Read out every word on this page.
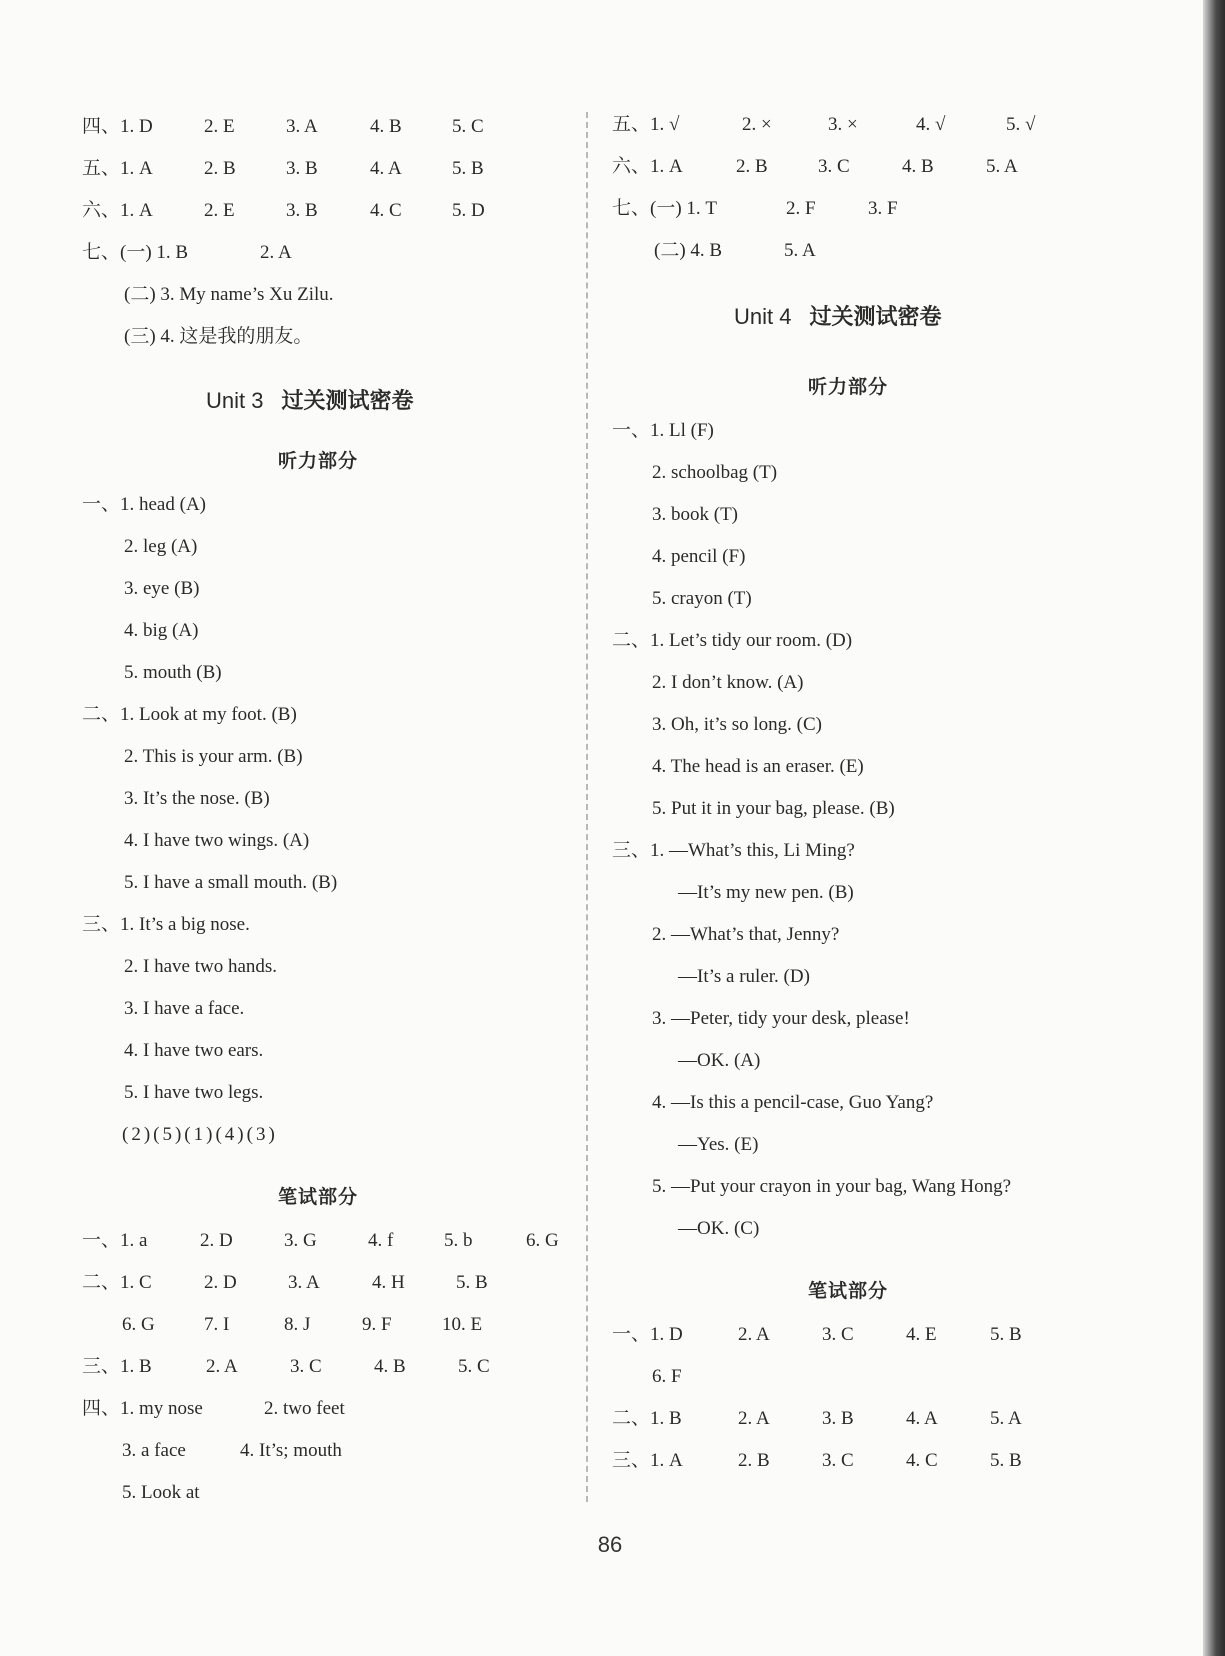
四、1. D	2. E	3. A	4. B	5. C
五、1. A	2. B	3. B	4. A	5. B
六、1. A	2. E	3. B	4. C	5. D
七、(一) 1. B	2. A
(二) 3. My name’s Xu Zilu.
(三) 4. 这是我的朋友。
Unit 3 过关测试密卷
听力部分
一、1. head (A)
2. leg (A)
3. eye (B)
4. big (A)
5. mouth (B)
二、1. Look at my foot. (B)
2. This is your arm. (B)
3. It’s the nose. (B)
4. I have two wings. (A)
5. I have a small mouth. (B)
三、1. It’s a big nose.
2. I have two hands.
3. I have a face.
4. I have two ears.
5. I have two legs.
(2)(5)(1)(4)(3)
笔试部分
一、1. a	2. D	3. G	4. f	5. b	6. G
二、1. C	2. D	3. A	4. H	5. B
6. G	7. I	8. J	9. F	10. E
三、1. B	2. A	3. C	4. B	5. C
四、1. my nose	2. two feet
3. a face	4. It’s; mouth
5. Look at
五、1. √	2. ×	3. ×	4. √	5. √
六、1. A	2. B	3. C	4. B	5. A
七、(一) 1. T	2. F	3. F
(二) 4. B	5. A
Unit 4 过关测试密卷
听力部分
一、1. Ll (F)
2. schoolbag (T)
3. book (T)
4. pencil (F)
5. crayon (T)
二、1. Let’s tidy our room. (D)
2. I don’t know. (A)
3. Oh, it’s so long. (C)
4. The head is an eraser. (E)
5. Put it in your bag, please. (B)
三、1. —What’s this, Li Ming?
—It’s my new pen. (B)
2. —What’s that, Jenny?
—It’s a ruler. (D)
3. —Peter, tidy your desk, please!
—OK. (A)
4. —Is this a pencil-case, Guo Yang?
—Yes. (E)
5. —Put your crayon in your bag, Wang Hong?
—OK. (C)
笔试部分
一、1. D	2. A	3. C	4. E	5. B
6. F
二、1. B	2. A	3. B	4. A	5. A
三、1. A	2. B	3. C	4. C	5. B
86
